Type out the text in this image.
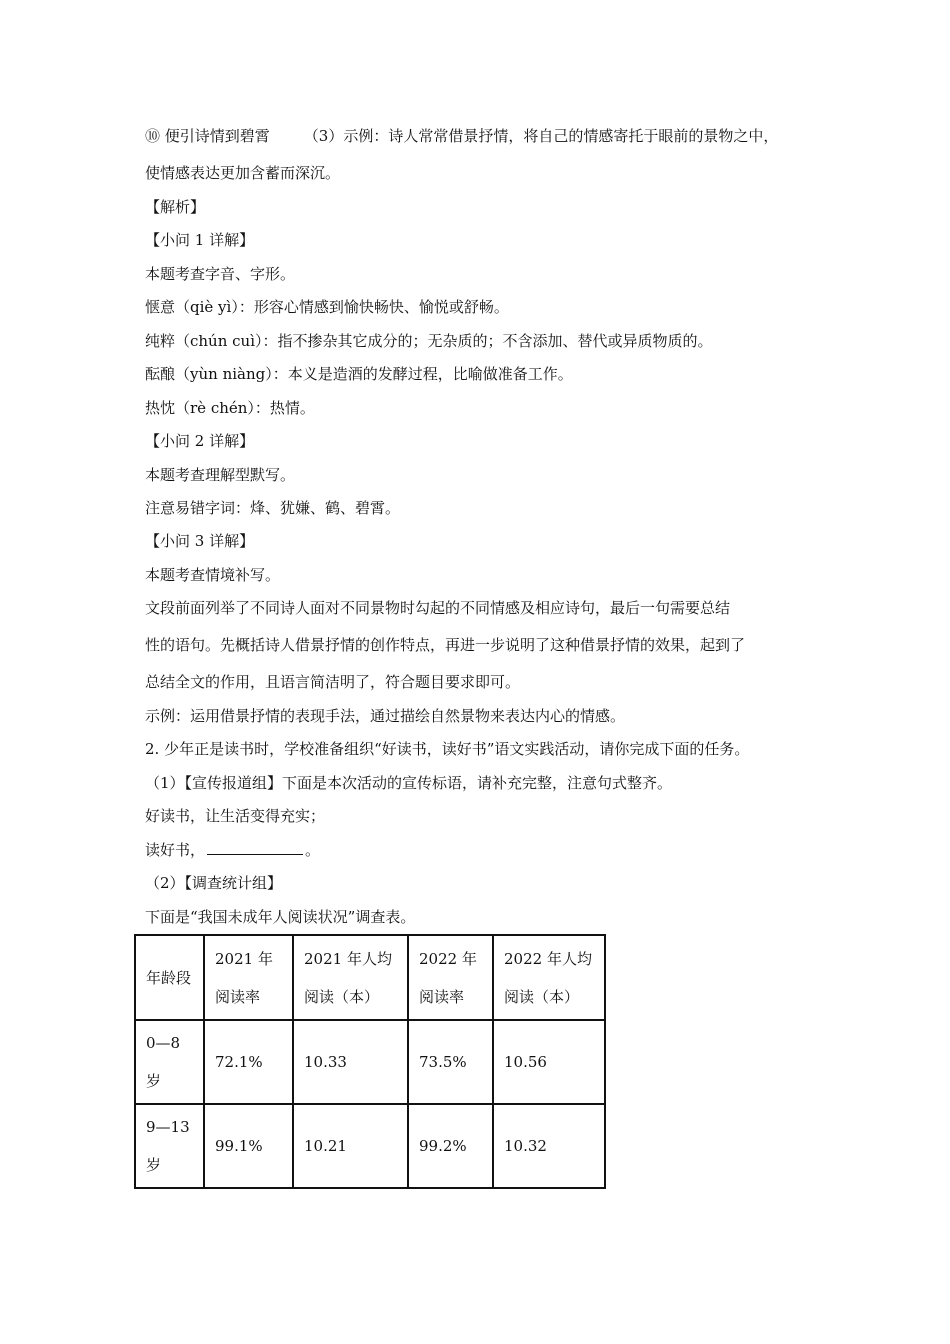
⑩ 便引诗情到碧霄 （3）示例：诗人常常借景抒情，将自己的情感寄托于眼前的景物之中，

使情感表达更加含蓄而深沉。

【解析】

【小问 1 详解】

本题考查字音、字形。

惬意（qiè yì）：形容心情感到愉快畅快、愉悦或舒畅。

纯粹（chún cuì）：指不掺杂其它成分的；无杂质的；不含添加、替代或异质物质的。

酝酿（yùn niàng）：本义是造酒的发酵过程，比喻做准备工作。

热忱（rè chén）：热情。

【小问 2 详解】

本题考查理解型默写。

注意易错字词：烽、犹嫌、鹤、碧霄。

【小问 3 详解】

本题考查情境补写。

文段前面列举了不同诗人面对不同景物时勾起的不同情感及相应诗句，最后一句需要总结

性的语句。先概括诗人借景抒情的创作特点，再进一步说明了这种借景抒情的效果，起到了

总结全文的作用，且语言简洁明了，符合题目要求即可。

示例：运用借景抒情的表现手法，通过描绘自然景物来表达内心的情感。

2. 少年正是读书时，学校准备组织“好读书，读好书”语文实践活动，请你完成下面的任务。

（1）【宣传报道组】下面是本次活动的宣传标语，请补充完整，注意句式整齐。

好读书，让生活变得充实；

读好书，	。

（2）【调查统计组】

下面是“我国未成年人阅读状况”调查表。

年龄段	2021 年阅读率	2021 年人均阅读（本）	2022 年阅读率	2022 年人均阅读（本）
0—8 岁	72.1%	10.33	73.5%	10.56
9—13 岁	99.1%	10.21	99.2%	10.32
